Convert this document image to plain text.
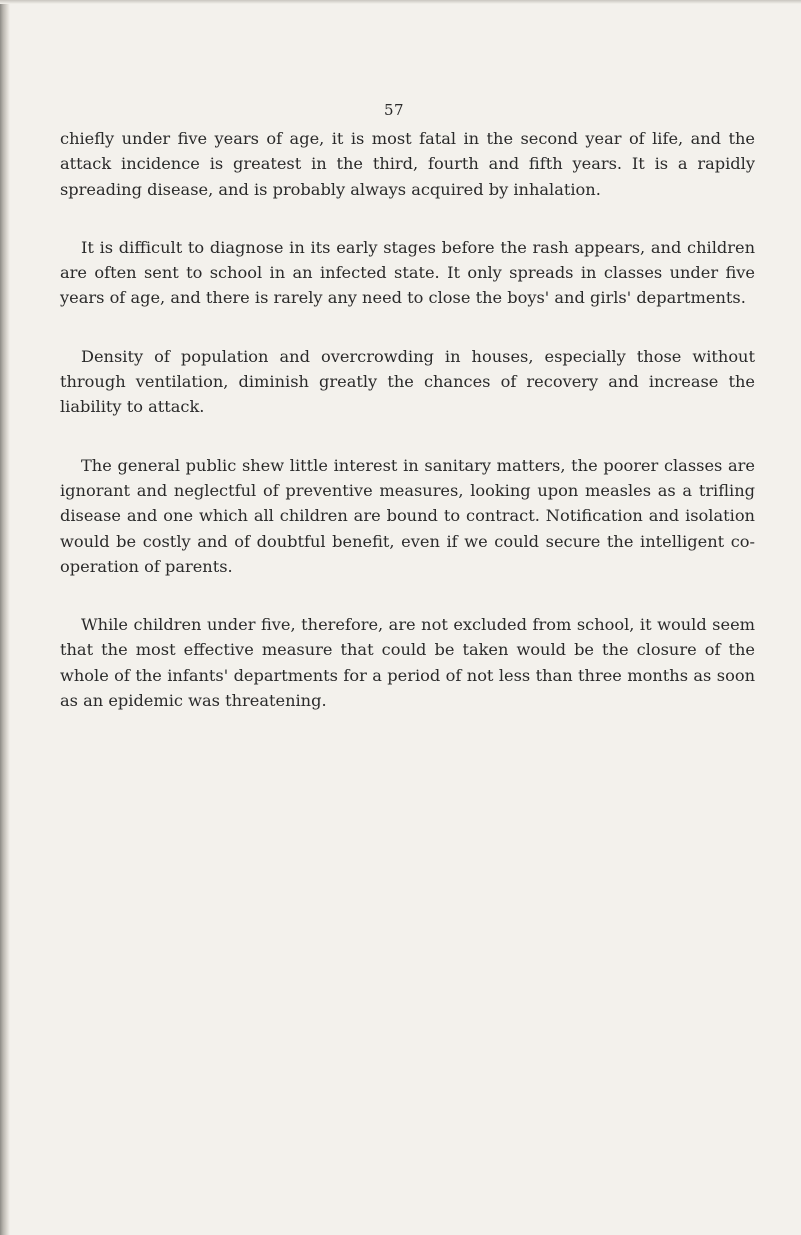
57

chiefly under five years of age, it is most fatal in the second year of life, and the attack incidence is greatest in the third, fourth and fifth years. It is a rapidly spreading disease, and is probably always acquired by inhalation.

It is difficult to diagnose in its early stages before the rash appears, and children are often sent to school in an infected state. It only spreads in classes under five years of age, and there is rarely any need to close the boys' and girls' departments.

Density of population and overcrowding in houses, especially those without through ventilation, diminish greatly the chances of recovery and increase the liability to attack.

The general public shew little interest in sanitary matters, the poorer classes are ignorant and neglectful of preventive measures, looking upon measles as a trifling disease and one which all children are bound to contract. Notification and isolation would be costly and of doubtful benefit, even if we could secure the intelligent co-operation of parents.

While children under five, therefore, are not excluded from school, it would seem that the most effective measure that could be taken would be the closure of the whole of the infants' departments for a period of not less than three months as soon as an epidemic was threatening.
